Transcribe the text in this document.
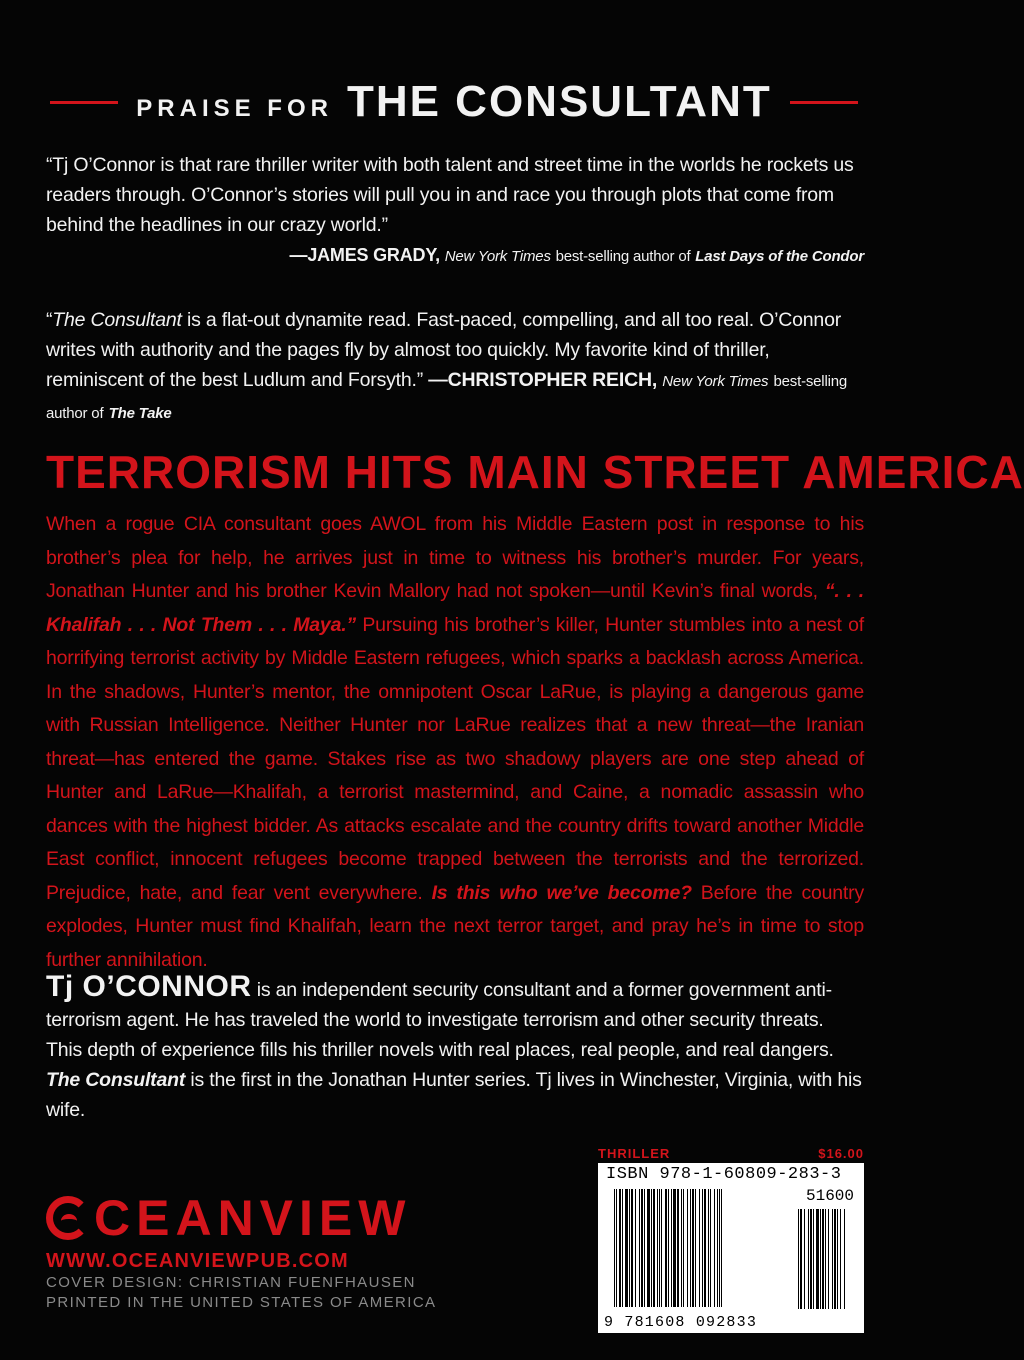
PRAISE FOR THE CONSULTANT
“Tj O’Connor is that rare thriller writer with both talent and street time in the worlds he rockets us readers through. O’Connor’s stories will pull you in and race you through plots that come from behind the headlines in our crazy world.”
—JAMES GRADY, New York Times best-selling author of Last Days of the Condor
“The Consultant is a flat-out dynamite read. Fast-paced, compelling, and all too real. O’Connor writes with authority and the pages fly by almost too quickly. My favorite kind of thriller, reminiscent of the best Ludlum and Forsyth.” —CHRISTOPHER REICH, New York Times best-selling author of The Take
TERRORISM HITS MAIN STREET AMERICA
When a rogue CIA consultant goes AWOL from his Middle Eastern post in response to his brother’s plea for help, he arrives just in time to witness his brother’s murder. For years, Jonathan Hunter and his brother Kevin Mallory had not spoken—until Kevin’s final words, “. . . Khalifah . . . Not Them . . . Maya.” Pursuing his brother’s killer, Hunter stumbles into a nest of horrifying terrorist activity by Middle Eastern refugees, which sparks a backlash across America. In the shadows, Hunter’s mentor, the omnipotent Oscar LaRue, is playing a dangerous game with Russian Intelligence. Neither Hunter nor LaRue realizes that a new threat—the Iranian threat—has entered the game. Stakes rise as two shadowy players are one step ahead of Hunter and LaRue—Khalifah, a terrorist mastermind, and Caine, a nomadic assassin who dances with the highest bidder. As attacks escalate and the country drifts toward another Middle East conflict, innocent refugees become trapped between the terrorists and the terrorized. Prejudice, hate, and fear vent everywhere. Is this who we’ve become? Before the country explodes, Hunter must find Khalifah, learn the next terror target, and pray he’s in time to stop further annihilation.
Tj O’CONNOR is an independent security consultant and a former government anti-terrorism agent. He has traveled the world to investigate terrorism and other security threats. This depth of experience fills his thriller novels with real places, real people, and real dangers. The Consultant is the first in the Jonathan Hunter series. Tj lives in Winchester, Virginia, with his wife.
CEANVIEW
WWW.OCEANVIEWPUB.COM
COVER DESIGN: CHRISTIAN FUENFHAUSEN
PRINTED IN THE UNITED STATES OF AMERICA
THRILLER	$16.00
ISBN 978-1-60809-283-3
51600
9 781608 092833
